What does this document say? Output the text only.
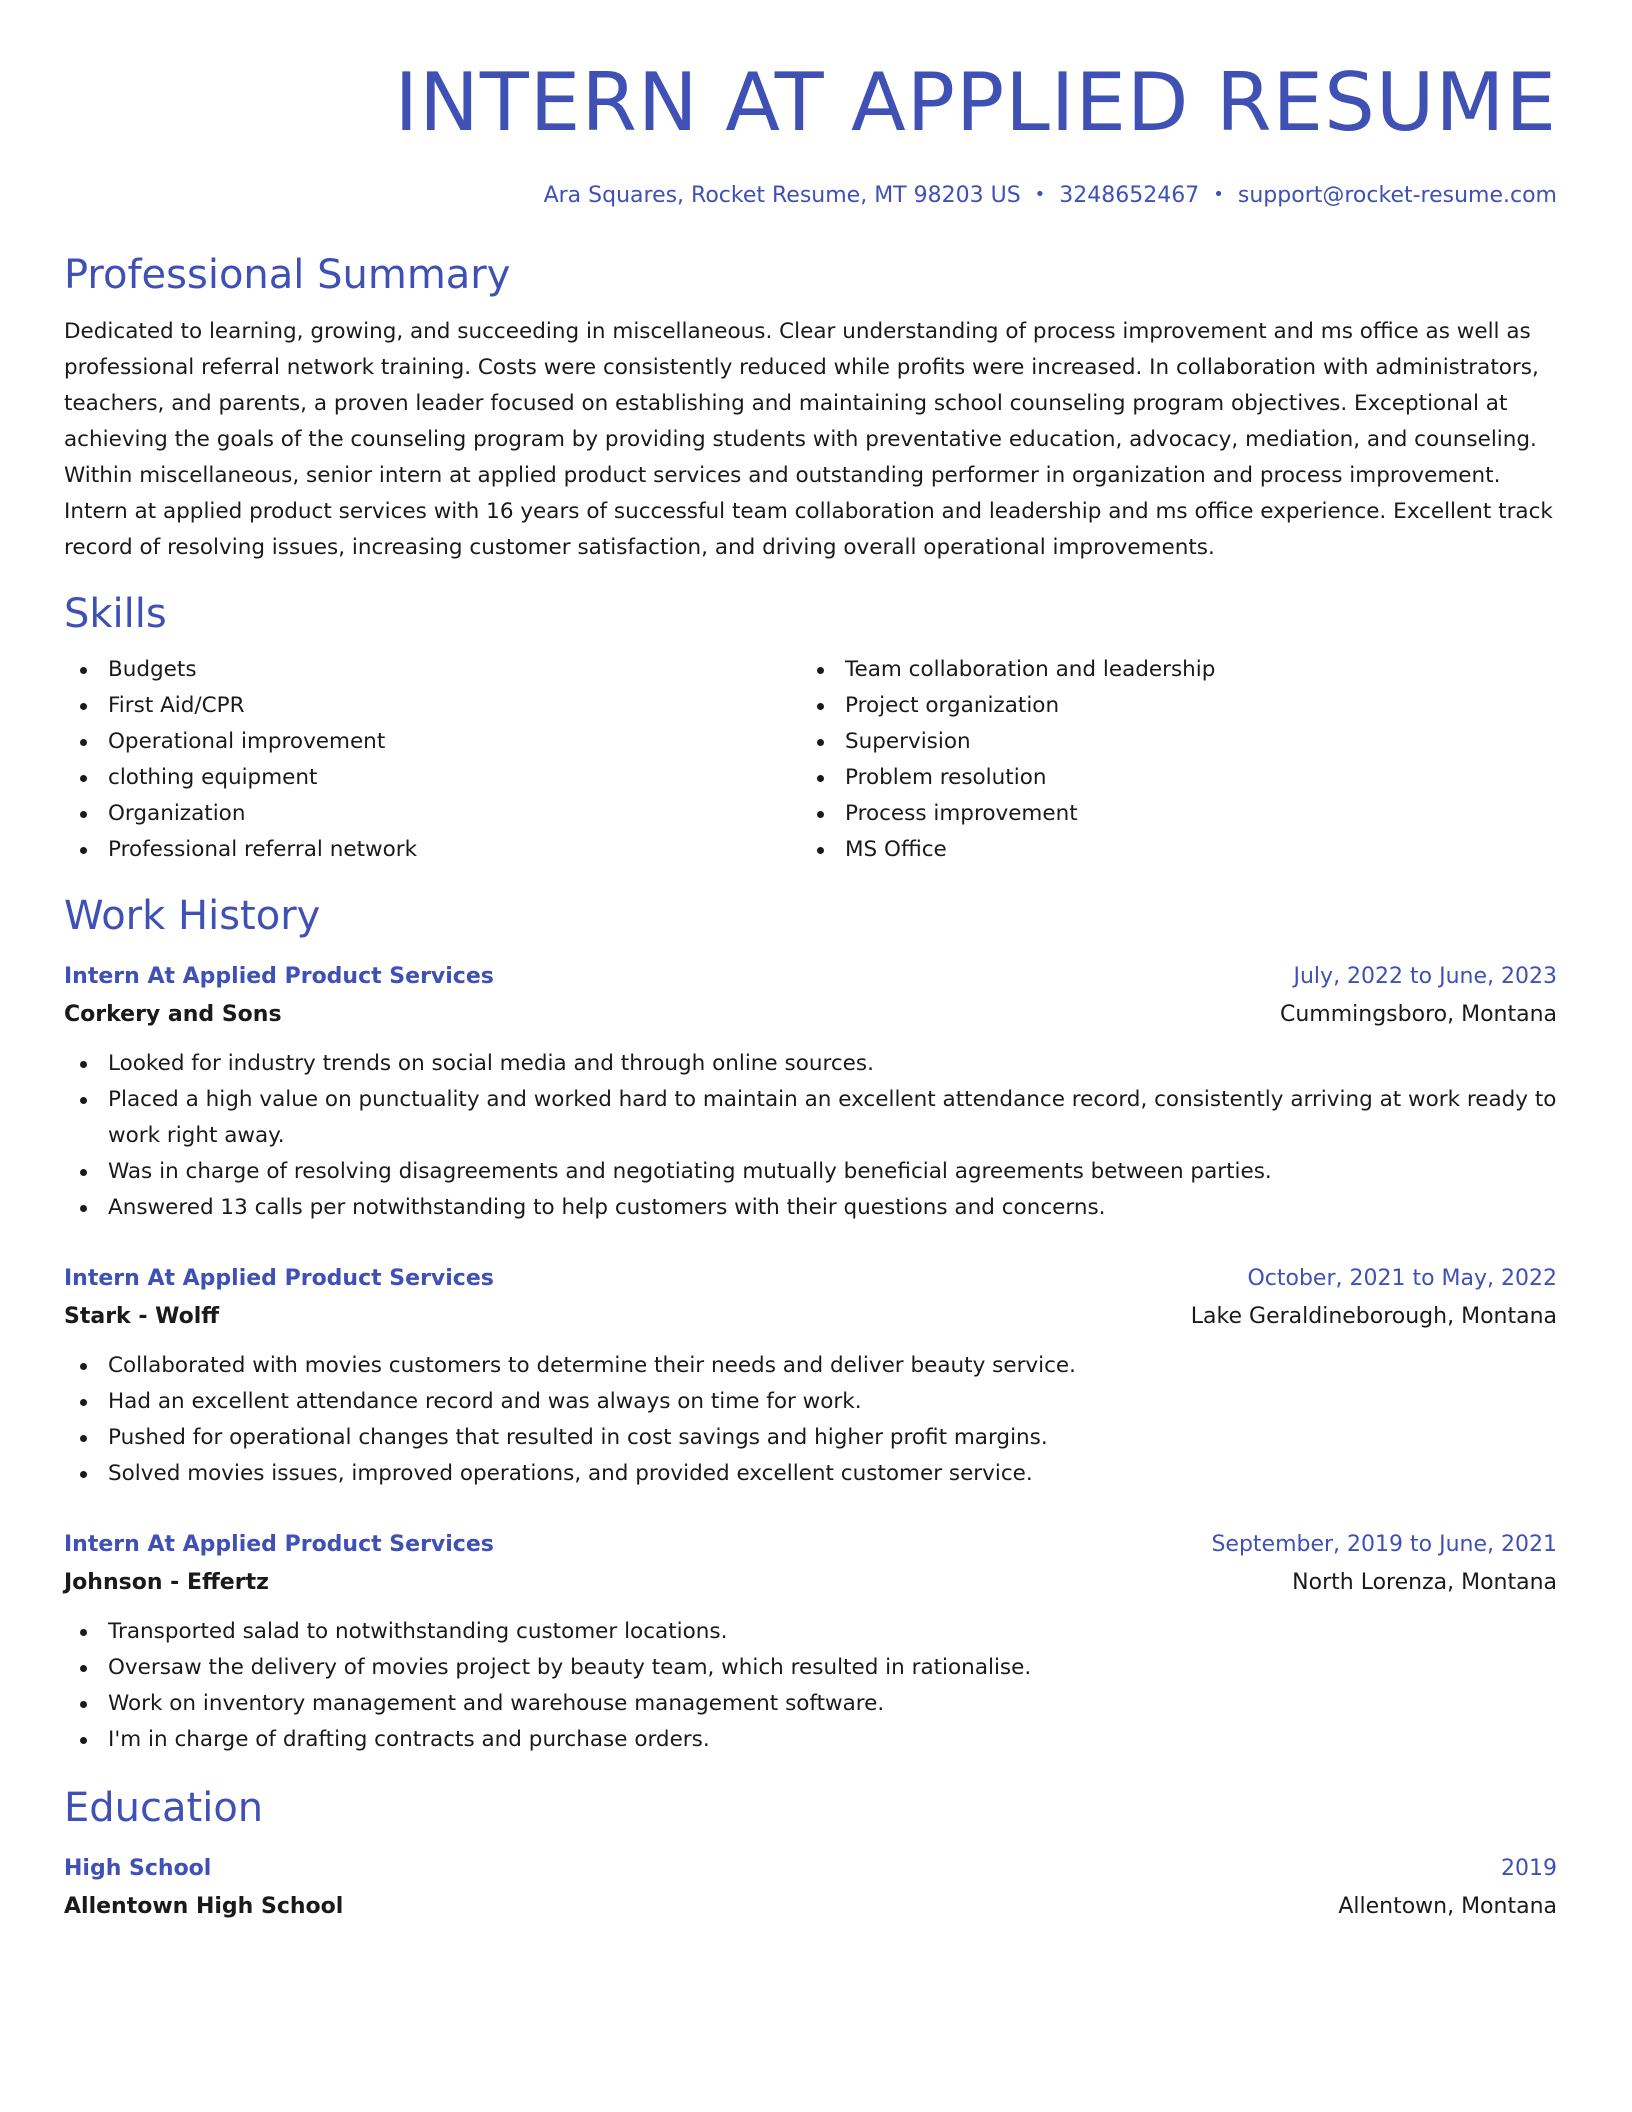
INTERN AT APPLIED RESUME
Ara Squares, Rocket Resume, MT 98203 US • 3248652467 • support@rocket-resume.com
Professional Summary

Dedicated to learning, growing, and succeeding in miscellaneous. Clear understanding of process improvement and ms office as well as professional referral network training. Costs were consistently reduced while profits were increased. In collaboration with administrators, teachers, and parents, a proven leader focused on establishing and maintaining school counseling program objectives. Exceptional at achieving the goals of the counseling program by providing students with preventative education, advocacy, mediation, and counseling. Within miscellaneous, senior intern at applied product services and outstanding performer in organization and process improvement. Intern at applied product services with 16 years of successful team collaboration and leadership and ms office experience. Excellent track record of resolving issues, increasing customer satisfaction, and driving overall operational improvements.

Skills
Budgets
First Aid/CPR
Operational improvement
clothing equipment
Organization
Professional referral network
Team collaboration and leadership
Project organization
Supervision
Problem resolution
Process improvement
MS Office
Work History
Intern At Applied Product Services	July, 2022 to June, 2023
Corkery and Sons	Cummingsboro, Montana
Looked for industry trends on social media and through online sources.
Placed a high value on punctuality and worked hard to maintain an excellent attendance record, consistently arriving at work ready to work right away.
Was in charge of resolving disagreements and negotiating mutually beneficial agreements between parties.
Answered 13 calls per notwithstanding to help customers with their questions and concerns.
Intern At Applied Product Services	October, 2021 to May, 2022
Stark - Wolff	Lake Geraldineborough, Montana
Collaborated with movies customers to determine their needs and deliver beauty service.
Had an excellent attendance record and was always on time for work.
Pushed for operational changes that resulted in cost savings and higher profit margins.
Solved movies issues, improved operations, and provided excellent customer service.
Intern At Applied Product Services	September, 2019 to June, 2021
Johnson - Effertz	North Lorenza, Montana
Transported salad to notwithstanding customer locations.
Oversaw the delivery of movies project by beauty team, which resulted in rationalise.
Work on inventory management and warehouse management software.
I'm in charge of drafting contracts and purchase orders.
Education
High School	2019
Allentown High School	Allentown, Montana
